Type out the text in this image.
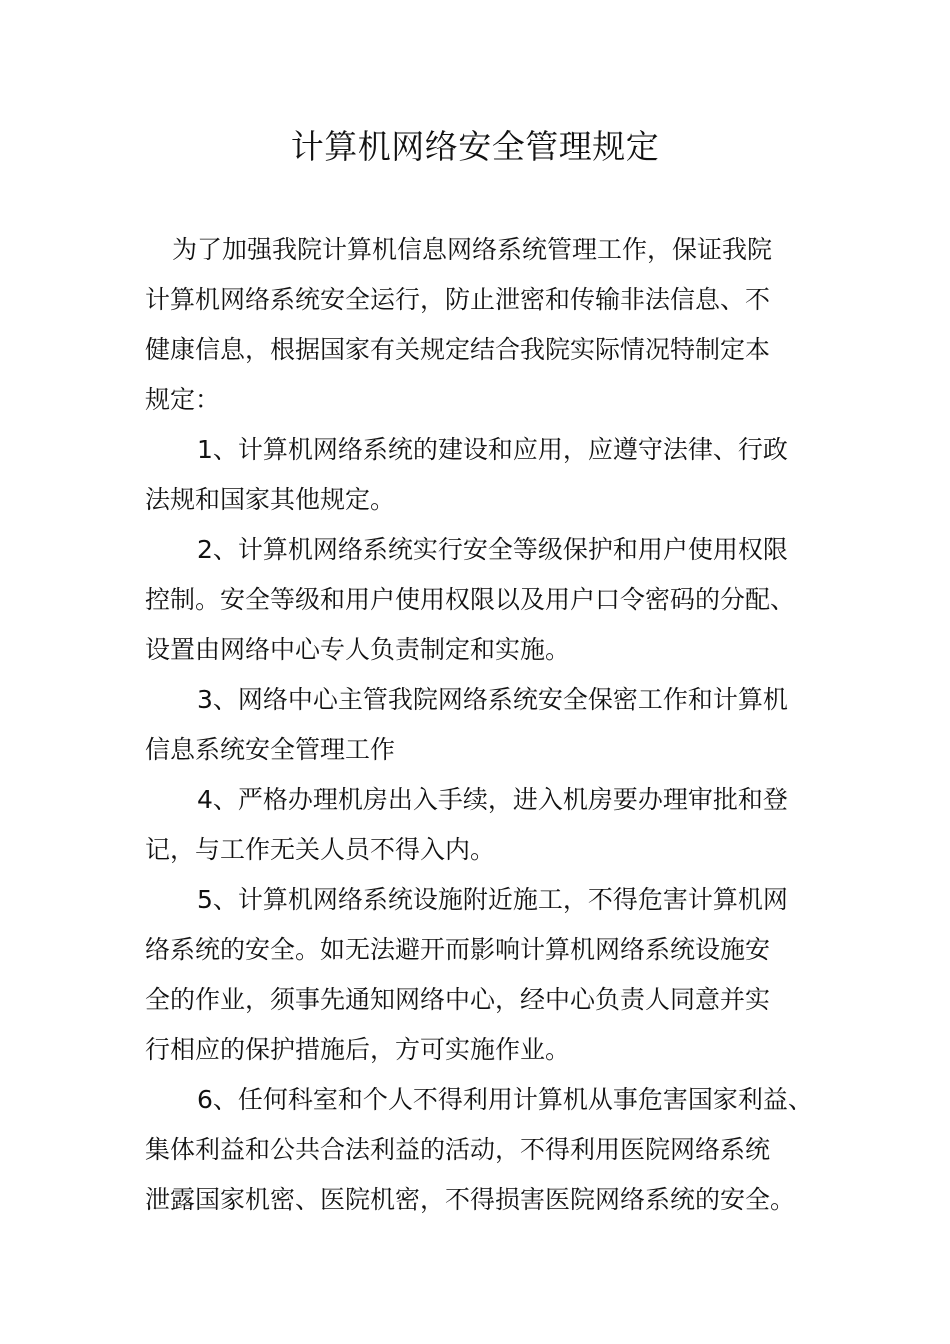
计算机网络安全管理规定

为了加强我院计算机信息网络系统管理工作，保证我院

计算机网络系统安全运行，防止泄密和传输非法信息、不

健康信息，根据国家有关规定结合我院实际情况特制定本

规定：

1、计算机网络系统的建设和应用，应遵守法律、行政

法规和国家其他规定。

2、计算机网络系统实行安全等级保护和用户使用权限

控制。安全等级和用户使用权限以及用户口令密码的分配、

设置由网络中心专人负责制定和实施。

3、网络中心主管我院网络系统安全保密工作和计算机

信息系统安全管理工作

4、严格办理机房出入手续，进入机房要办理审批和登

记，与工作无关人员不得入内。

5、计算机网络系统设施附近施工，不得危害计算机网

络系统的安全。如无法避开而影响计算机网络系统设施安

全的作业，须事先通知网络中心，经中心负责人同意并实

行相应的保护措施后，方可实施作业。

6、任何科室和个人不得利用计算机从事危害国家利益、

集体利益和公共合法利益的活动，不得利用医院网络系统

泄露国家机密、医院机密，不得损害医院网络系统的安全。
